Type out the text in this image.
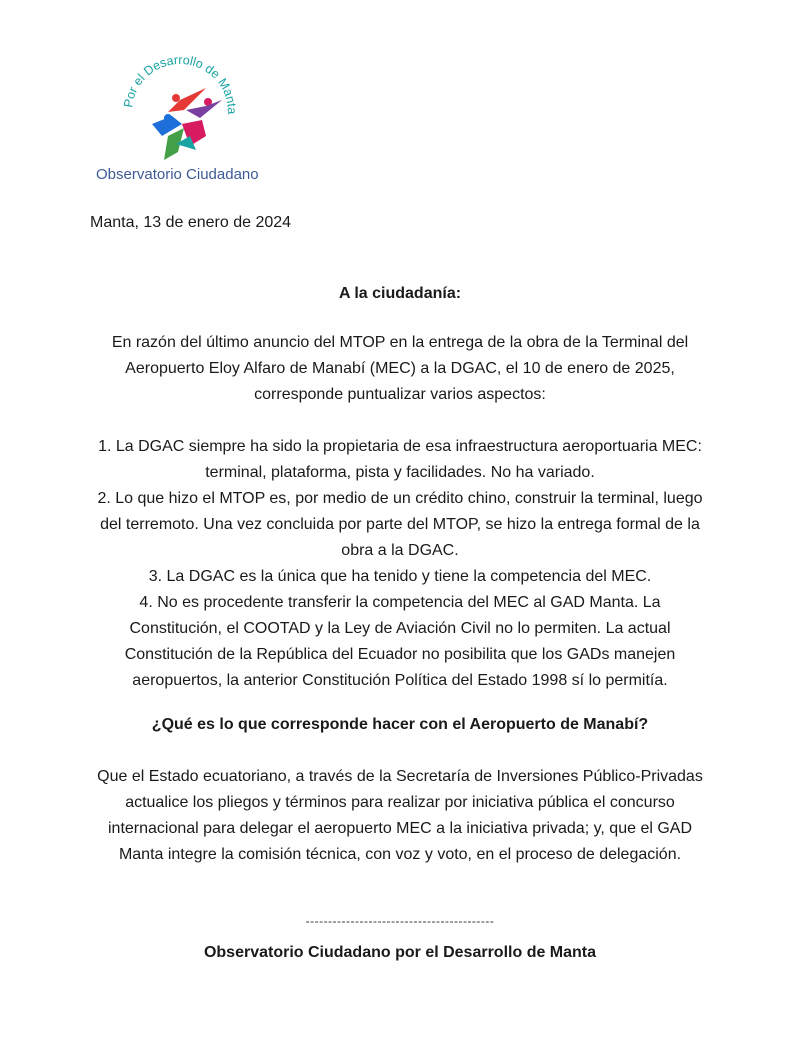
Por el Desarrollo de Manta
Observatorio Ciudadano
Manta, 13 de enero de 2024
A la ciudadanía:

En razón del último anuncio del MTOP en la entrega de la obra de la Terminal del Aeropuerto Eloy Alfaro de Manabí (MEC) a la DGAC, el 10 de enero de 2025, corresponde puntualizar varios aspectos:

1. La DGAC siempre ha sido la propietaria de esa infraestructura aeroportuaria MEC: terminal, plataforma, pista y facilidades. No ha variado.

2. Lo que hizo el MTOP es, por medio de un crédito chino, construir la terminal, luego del terremoto. Una vez concluida por parte del MTOP, se hizo la entrega formal de la obra a la DGAC.

3. La DGAC es la única que ha tenido y tiene la competencia del MEC.

4. No es procedente transferir la competencia del MEC al GAD Manta. La Constitución, el COOTAD y la Ley de Aviación Civil no lo permiten. La actual Constitución de la República del Ecuador no posibilita que los GADs manejen aeropuertos, la anterior Constitución Política del Estado 1998 sí lo permitía.

¿Qué es lo que corresponde hacer con el Aeropuerto de Manabí?

Que el Estado ecuatoriano, a través de la Secretaría de Inversiones Público-Privadas actualice los pliegos y términos para realizar por iniciativa pública el concurso internacional para delegar el aeropuerto MEC a la iniciativa privada; y, que el GAD Manta integre la comisión técnica, con voz y voto, en el proceso de delegación.

------------------------------------------
Observatorio Ciudadano por el Desarrollo de Manta
